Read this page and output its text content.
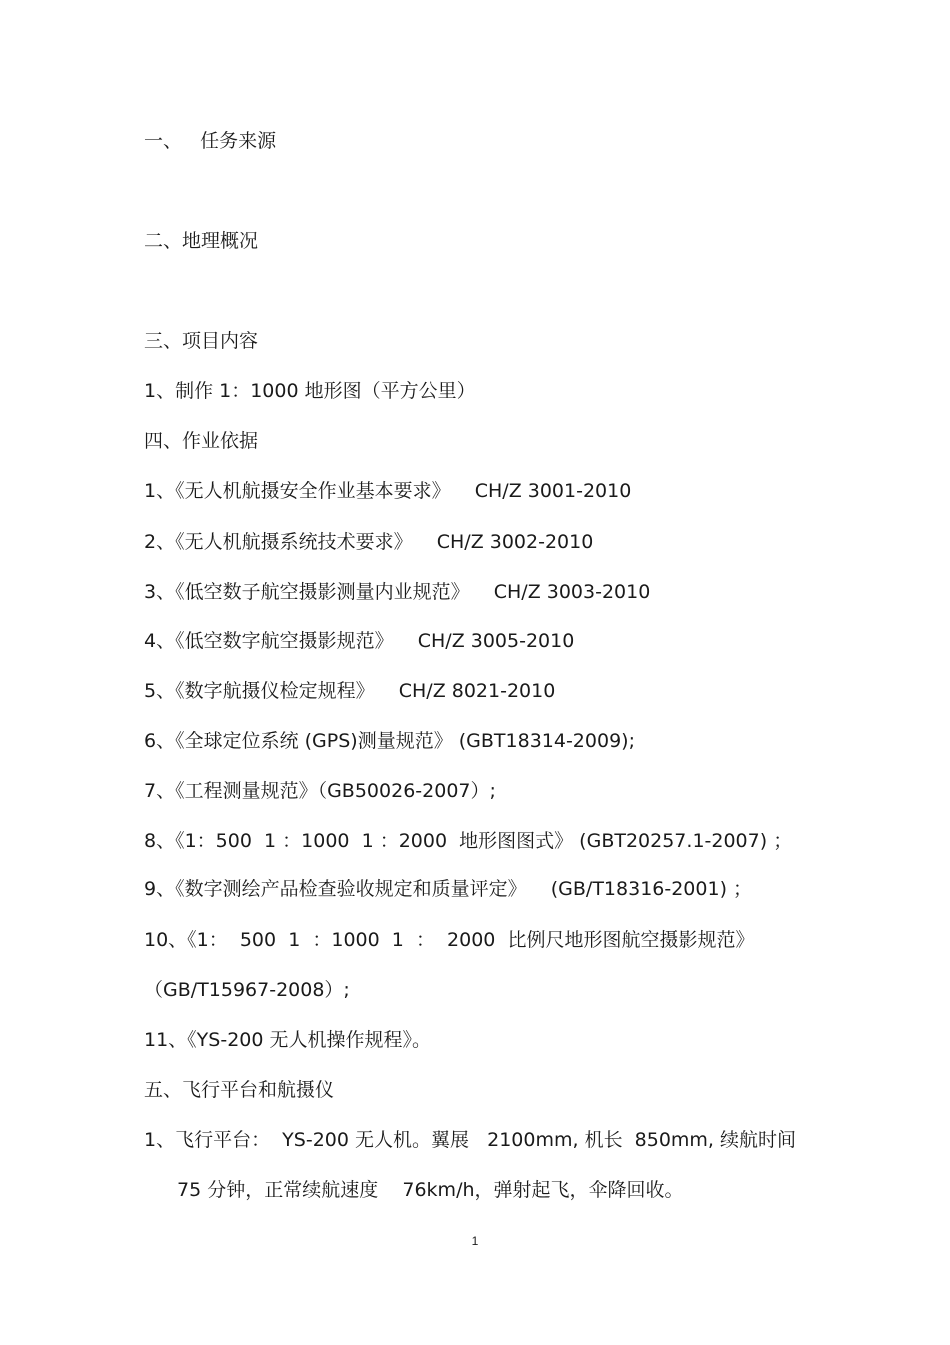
一、   任务来源
二、地理概况
三、项目内容
1、制作 1：1000 地形图（平方公里）
四、作业依据
1、《无人机航摄安全作业基本要求》    CH/Z 3001-2010
2、《无人机航摄系统技术要求》    CH/Z 3002-2010
3、《低空数子航空摄影测量内业规范》    CH/Z 3003-2010
4、《低空数字航空摄影规范》    CH/Z 3005-2010
5、《数字航摄仪检定规程》    CH/Z 8021-2010
6、《全球定位系统 (GPS)测量规范》 (GBT18314-2009);
7、《工程测量规范》（GB50026-2007）;
8、《1：500  1 ：1000  1 ：2000  地形图图式》 (GBT20257.1-2007) ；
9、《数字测绘产品检查验收规定和质量评定》    (GB/T18316-2001) ；
10、《1：  500  1  ：1000  1  ：  2000  比例尺地形图航空摄影规范》
（GB/T15967-2008）;
11、《YS-200 无人机操作规程》。
五、飞行平台和航摄仪
1、飞行平台：  YS-200 无人机。翼展   2100mm, 机长  850mm, 续航时间
75 分钟，正常续航速度    76km/h，弹射起飞，伞降回收。
1
